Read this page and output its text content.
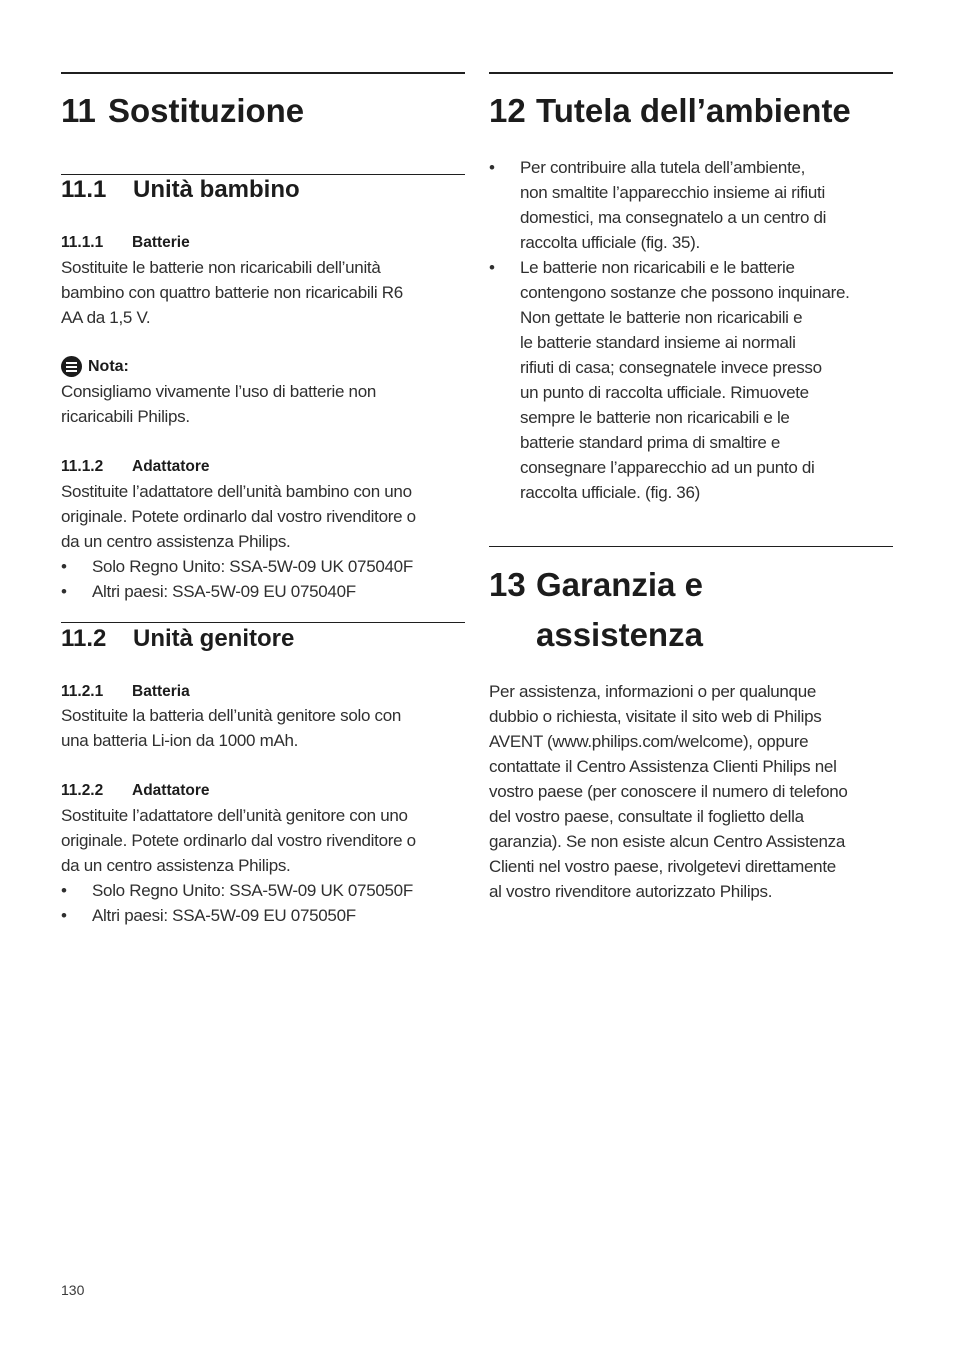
11 Sostituzione
11.1 Unità bambino
11.1.1 Batterie
Sostituite le batterie non ricaricabili dell’unità
bambino con quattro batterie non ricaricabili R6
AA da 1,5 V.
Nota:
Consigliamo vivamente l’uso di batterie non
ricaricabili Philips.
11.1.2 Adattatore
Sostituite l’adattatore dell’unità bambino con uno
originale. Potete ordinarlo dal vostro rivenditore o
da un centro assistenza Philips.
• Solo Regno Unito: SSA-5W-09 UK 075040F
• Altri paesi: SSA-5W-09 EU 075040F
11.2 Unità genitore
11.2.1 Batteria
Sostituite la batteria dell’unità genitore solo con
una batteria Li-ion da 1000 mAh.
11.2.2 Adattatore
Sostituite l’adattatore dell’unità genitore con uno
originale. Potete ordinarlo dal vostro rivenditore o
da un centro assistenza Philips.
• Solo Regno Unito: SSA-5W-09 UK 075050F
• Altri paesi: SSA-5W-09 EU 075050F
12 Tutela dell’ambiente
• Per contribuire alla tutela dell’ambiente,
non smaltite l’apparecchio insieme ai rifiuti
domestici, ma consegnatelo a un centro di
raccolta ufficiale (fig. 35).
• Le batterie non ricaricabili e le batterie
contengono sostanze che possono inquinare.
Non gettate le batterie non ricaricabili e
le batterie standard insieme ai normali
rifiuti di casa; consegnatele invece presso
un punto di raccolta ufficiale. Rimuovete
sempre le batterie non ricaricabili e le
batterie standard prima di smaltire e
consegnare l’apparecchio ad un punto di
raccolta ufficiale. (fig. 36)
13 Garanzia e
assistenza
Per assistenza, informazioni o per qualunque
dubbio o richiesta, visitate il sito web di Philips
AVENT (www.philips.com/welcome), oppure
contattate il Centro Assistenza Clienti Philips nel
vostro paese (per conoscere il numero di telefono
del vostro paese, consultate il foglietto della
garanzia). Se non esiste alcun Centro Assistenza
Clienti nel vostro paese, rivolgetevi direttamente
al vostro rivenditore autorizzato Philips.
130
